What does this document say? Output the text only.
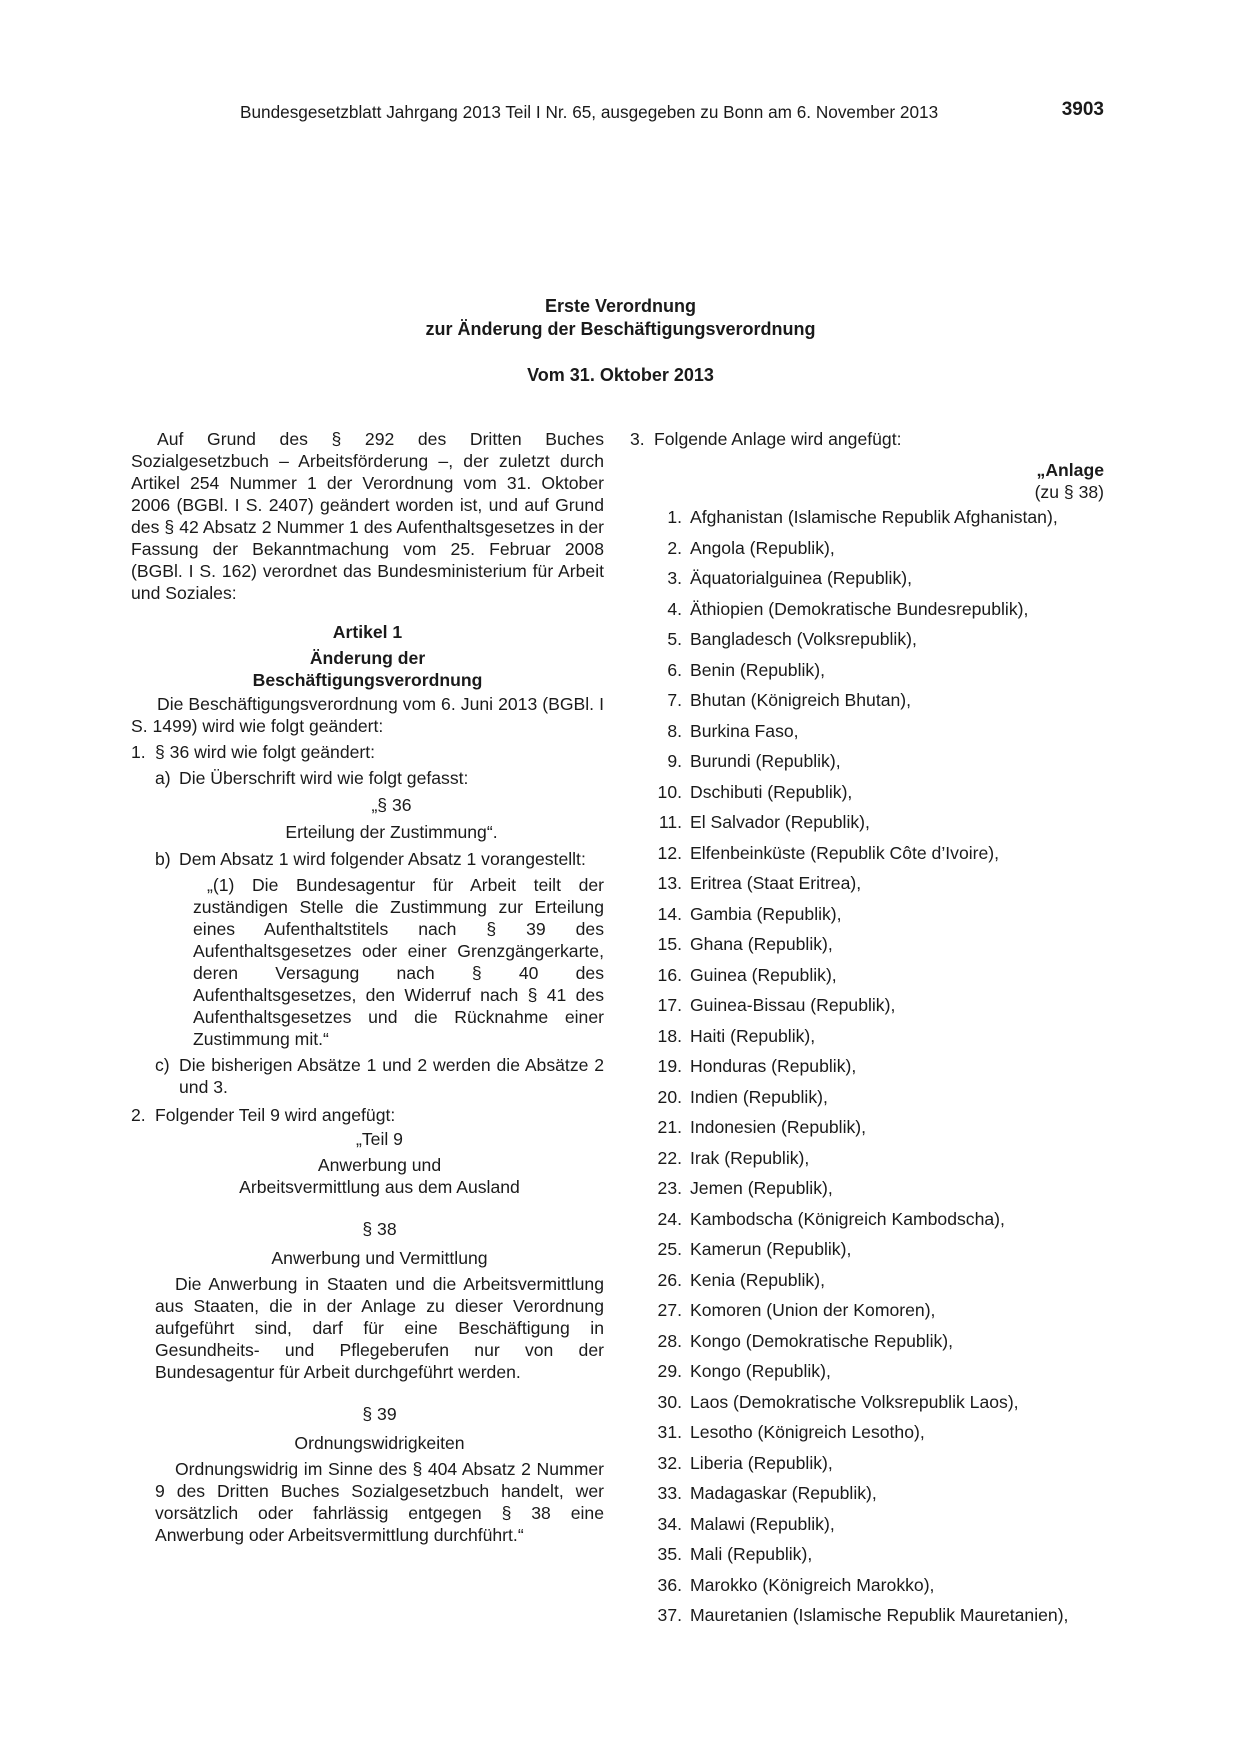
Bundesgesetzblatt Jahrgang 2013 Teil I Nr. 65, ausgegeben zu Bonn am 6. November 2013	3903
Erste Verordnung
zur Änderung der Beschäftigungsverordnung
Vom 31. Oktober 2013
Auf Grund des § 292 des Dritten Buches Sozialgesetzbuch – Arbeitsförderung –, der zuletzt durch Artikel 254 Nummer 1 der Verordnung vom 31. Oktober 2006 (BGBl. I S. 2407) geändert worden ist, und auf Grund des § 42 Absatz 2 Nummer 1 des Aufenthaltsgesetzes in der Fassung der Bekanntmachung vom 25. Februar 2008 (BGBl. I S. 162) verordnet das Bundesministerium für Arbeit und Soziales:
Artikel 1
Änderung der
Beschäftigungsverordnung
Die Beschäftigungsverordnung vom 6. Juni 2013 (BGBl. I S. 1499) wird wie folgt geändert:
1. § 36 wird wie folgt geändert:
a) Die Überschrift wird wie folgt gefasst:
„§ 36
Erteilung der Zustimmung“.
b) Dem Absatz 1 wird folgender Absatz 1 vorangestellt:
„(1) Die Bundesagentur für Arbeit teilt der zuständigen Stelle die Zustimmung zur Erteilung eines Aufenthaltstitels nach § 39 des Aufenthaltsgesetzes oder einer Grenzgängerkarte, deren Versagung nach § 40 des Aufenthaltsgesetzes, den Widerruf nach § 41 des Aufenthaltsgesetzes und die Rücknahme einer Zustimmung mit.“
c) Die bisherigen Absätze 1 und 2 werden die Absätze 2 und 3.
2. Folgender Teil 9 wird angefügt:
„Teil 9
Anwerbung und
Arbeitsvermittlung aus dem Ausland
§ 38
Anwerbung und Vermittlung
Die Anwerbung in Staaten und die Arbeitsvermittlung aus Staaten, die in der Anlage zu dieser Verordnung aufgeführt sind, darf für eine Beschäftigung in Gesundheits- und Pflegeberufen nur von der Bundesagentur für Arbeit durchgeführt werden.
§ 39
Ordnungswidrigkeiten
Ordnungswidrig im Sinne des § 404 Absatz 2 Nummer 9 des Dritten Buches Sozialgesetzbuch handelt, wer vorsätzlich oder fahrlässig entgegen § 38 eine Anwerbung oder Arbeitsvermittlung durchführt.“
3. Folgende Anlage wird angefügt:
„Anlage
(zu § 38)
1. Afghanistan (Islamische Republik Afghanistan),
2. Angola (Republik),
3. Äquatorialguinea (Republik),
4. Äthiopien (Demokratische Bundesrepublik),
5. Bangladesch (Volksrepublik),
6. Benin (Republik),
7. Bhutan (Königreich Bhutan),
8. Burkina Faso,
9. Burundi (Republik),
10. Dschibuti (Republik),
11. El Salvador (Republik),
12. Elfenbeinküste (Republik Côte d’Ivoire),
13. Eritrea (Staat Eritrea),
14. Gambia (Republik),
15. Ghana (Republik),
16. Guinea (Republik),
17. Guinea-Bissau (Republik),
18. Haiti (Republik),
19. Honduras (Republik),
20. Indien (Republik),
21. Indonesien (Republik),
22. Irak (Republik),
23. Jemen (Republik),
24. Kambodscha (Königreich Kambodscha),
25. Kamerun (Republik),
26. Kenia (Republik),
27. Komoren (Union der Komoren),
28. Kongo (Demokratische Republik),
29. Kongo (Republik),
30. Laos (Demokratische Volksrepublik Laos),
31. Lesotho (Königreich Lesotho),
32. Liberia (Republik),
33. Madagaskar (Republik),
34. Malawi (Republik),
35. Mali (Republik),
36. Marokko (Königreich Marokko),
37. Mauretanien (Islamische Republik Mauretanien),
